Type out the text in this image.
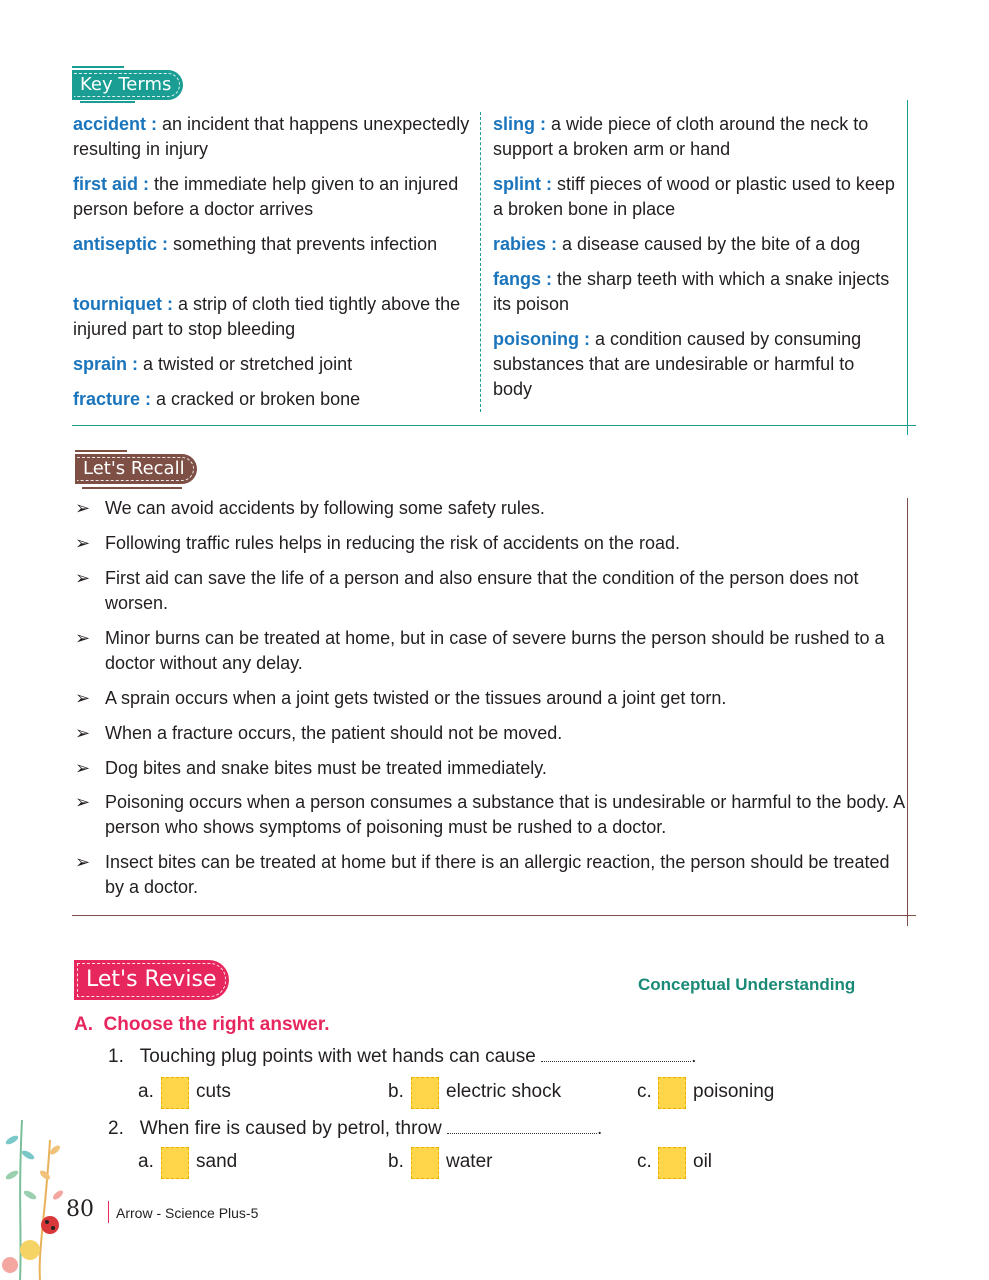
Key Terms
accident : an incident that happens unexpectedly resulting in injury
first aid : the immediate help given to an injured person before a doctor arrives
antiseptic : something that prevents infection
tourniquet : a strip of cloth tied tightly above the injured part to stop bleeding
sprain : a twisted or stretched joint
fracture : a cracked or broken bone
sling : a wide piece of cloth around the neck to support a broken arm or hand
splint : stiff pieces of wood or plastic used to keep a broken bone in place
rabies : a disease caused by the bite of a dog
fangs : the sharp teeth with which a snake injects its poison
poisoning : a condition caused by consuming substances that are undesirable or harmful to body
Let's Recall
➢ We can avoid accidents by following some safety rules.
➢ Following traffic rules helps in reducing the risk of accidents on the road.
➢ First aid can save the life of a person and also ensure that the condition of the person does not worsen.
➢ Minor burns can be treated at home, but in case of severe burns the person should be rushed to a doctor without any delay.
➢ A sprain occurs when a joint gets twisted or the tissues around a joint get torn.
➢ When a fracture occurs, the patient should not be moved.
➢ Dog bites and snake bites must be treated immediately.
➢ Poisoning occurs when a person consumes a substance that is undesirable or harmful to the body. A person who shows symptoms of poisoning must be rushed to a doctor.
➢ Insect bites can be treated at home but if there is an allergic reaction, the person should be treated by a doctor.
Let's Revise	Conceptual Understanding
A.  Choose the right answer.
1. Touching plug points with wet hands can cause	.
a. cuts	b. electric shock	c. poisoning
2. When fire is caused by petrol, throw	.
a. sand	b. water	c. oil
80 Arrow - Science Plus-5
